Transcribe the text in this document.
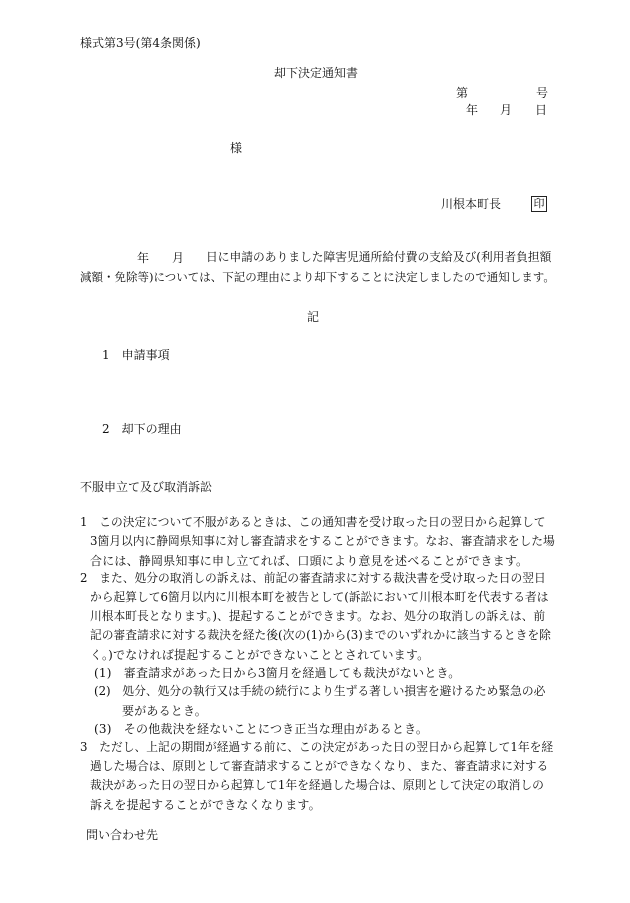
様式第3号(第4条関係)
却下決定通知書
第	号
年 月 日
様
川根本町長	印
年 月 日に申請のありました障害児通所給付費の支給及び(利用者負担額
減額・免除等)については、下記の理由により却下することに決定しましたので通知します。
記
1　申請事項
2　却下の理由
不服申立て及び取消訴訟
1　この決定について不服があるときは、この通知書を受け取った日の翌日から起算して
3箇月以内に静岡県知事に対し審査請求をすることができます。なお、審査請求をした場
合には、静岡県知事に申し立てれば、口頭により意見を述べることができます。
2　また、処分の取消しの訴えは、前記の審査請求に対する裁決書を受け取った日の翌日
から起算して6箇月以内に川根本町を被告として(訴訟において川根本町を代表する者は
川根本町長となります。)、提起することができます。なお、処分の取消しの訴えは、前
記の審査請求に対する裁決を経た後(次の(1)から(3)までのいずれかに該当するときを除
く。)でなければ提起することができないこととされています。
(1)　審査請求があった日から3箇月を経過しても裁決がないとき。
(2)　処分、処分の執行又は手続の続行により生ずる著しい損害を避けるため緊急の必
要があるとき。
(3)　その他裁決を経ないことにつき正当な理由があるとき。
3　ただし、上記の期間が経過する前に、この決定があった日の翌日から起算して1年を経
過した場合は、原則として審査請求することができなくなり、また、審査請求に対する
裁決があった日の翌日から起算して1年を経過した場合は、原則として決定の取消しの
訴えを提起することができなくなります。
問い合わせ先
